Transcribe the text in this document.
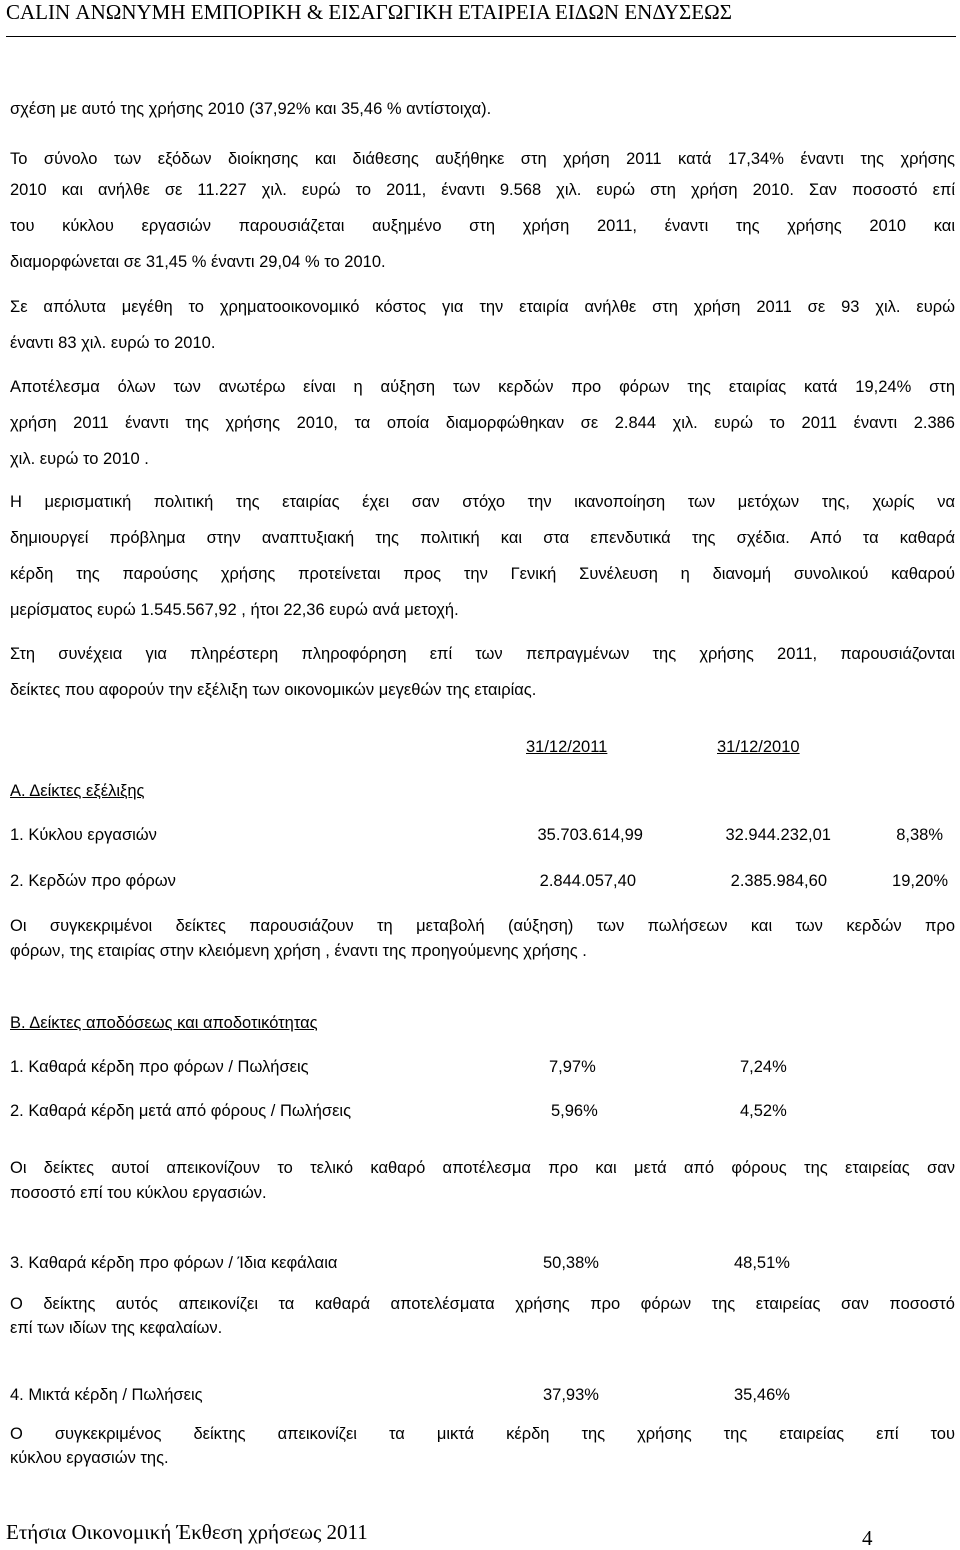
CALIN ΑΝΩΝΥΜΗ ΕΜΠΟΡΙΚΗ & ΕΙΣΑΓΩΓΙΚΗ ΕΤΑΙΡΕΙΑ ΕΙΔΩΝ ΕΝΔΥΣΕΩΣ
σχέση με αυτό της χρήσης 2010 (37,92% και 35,46 % αντίστοιχα).
Το σύνολο των εξόδων διοίκησης και διάθεσης αυξήθηκε στη χρήση 2011 κατά 17,34% έναντι της χρήσης
2010 και ανήλθε σε 11.227 χιλ. ευρώ το 2011, έναντι 9.568 χιλ. ευρώ στη χρήση 2010. Σαν ποσοστό επί
του κύκλου εργασιών παρουσιάζεται αυξημένο στη χρήση 2011, έναντι της χρήσης 2010 και
διαμορφώνεται σε 31,45 % έναντι 29,04 % το 2010.
Σε απόλυτα μεγέθη το χρηματοοικονομικό κόστος για την εταιρία ανήλθε στη χρήση 2011 σε 93 χιλ. ευρώ
έναντι 83 χιλ. ευρώ το 2010.
Αποτέλεσμα όλων των ανωτέρω είναι η αύξηση των κερδών προ φόρων της εταιρίας κατά 19,24% στη
χρήση 2011 έναντι της χρήσης 2010, τα οποία διαμορφώθηκαν σε 2.844 χιλ. ευρώ το 2011 έναντι 2.386
χιλ. ευρώ το 2010 .
Η μερισματική πολιτική της εταιρίας έχει σαν στόχο την ικανοποίηση των μετόχων της, χωρίς να
δημιουργεί πρόβλημα στην αναπτυξιακή της πολιτική και στα επενδυτικά της σχέδια. Από τα καθαρά
κέρδη της παρούσης χρήσης προτείνεται προς την Γενική Συνέλευση η διανομή συνολικού καθαρού
μερίσματος ευρώ 1.545.567,92 , ήτοι 22,36 ευρώ ανά μετοχή.
Στη συνέχεια για πληρέστερη πληροφόρηση επί των πεπραγμένων της χρήσης 2011, παρουσιάζονται
δείκτες που αφορούν την εξέλιξη των οικονομικών μεγεθών της εταιρίας.
31/12/2011	31/12/2010
Α. Δείκτες εξέλιξης
1. Κύκλου εργασιών	35.703.614,99	32.944.232,01	8,38%
2. Κερδών προ φόρων	2.844.057,40	2.385.984,60	19,20%
Οι συγκεκριμένοι δείκτες παρουσιάζουν τη μεταβολή (αύξηση) των πωλήσεων και των κερδών προ
φόρων, της εταιρίας στην κλειόμενη χρήση , έναντι της προηγούμενης χρήσης .
Β. Δείκτες αποδόσεως και αποδοτικότητας
1. Καθαρά κέρδη προ φόρων / Πωλήσεις	7,97%	7,24%
2. Καθαρά κέρδη μετά από φόρους / Πωλήσεις	5,96%	4,52%
Οι δείκτες αυτοί απεικονίζουν το τελικό καθαρό αποτέλεσμα προ και μετά από φόρους της εταιρείας σαν
ποσοστό επί του κύκλου εργασιών.
3. Καθαρά κέρδη προ φόρων / Ίδια κεφάλαια	50,38%	48,51%
Ο δείκτης αυτός απεικονίζει τα καθαρά αποτελέσματα χρήσης προ φόρων της εταιρείας σαν ποσοστό
επί των ιδίων της κεφαλαίων.
4. Μικτά κέρδη / Πωλήσεις	37,93%	35,46%
Ο συγκεκριμένος δείκτης απεικονίζει τα μικτά κέρδη της χρήσης της εταιρείας επί του
κύκλου εργασιών της.
Ετήσια Οικονομική Έκθεση χρήσεως 2011	4
